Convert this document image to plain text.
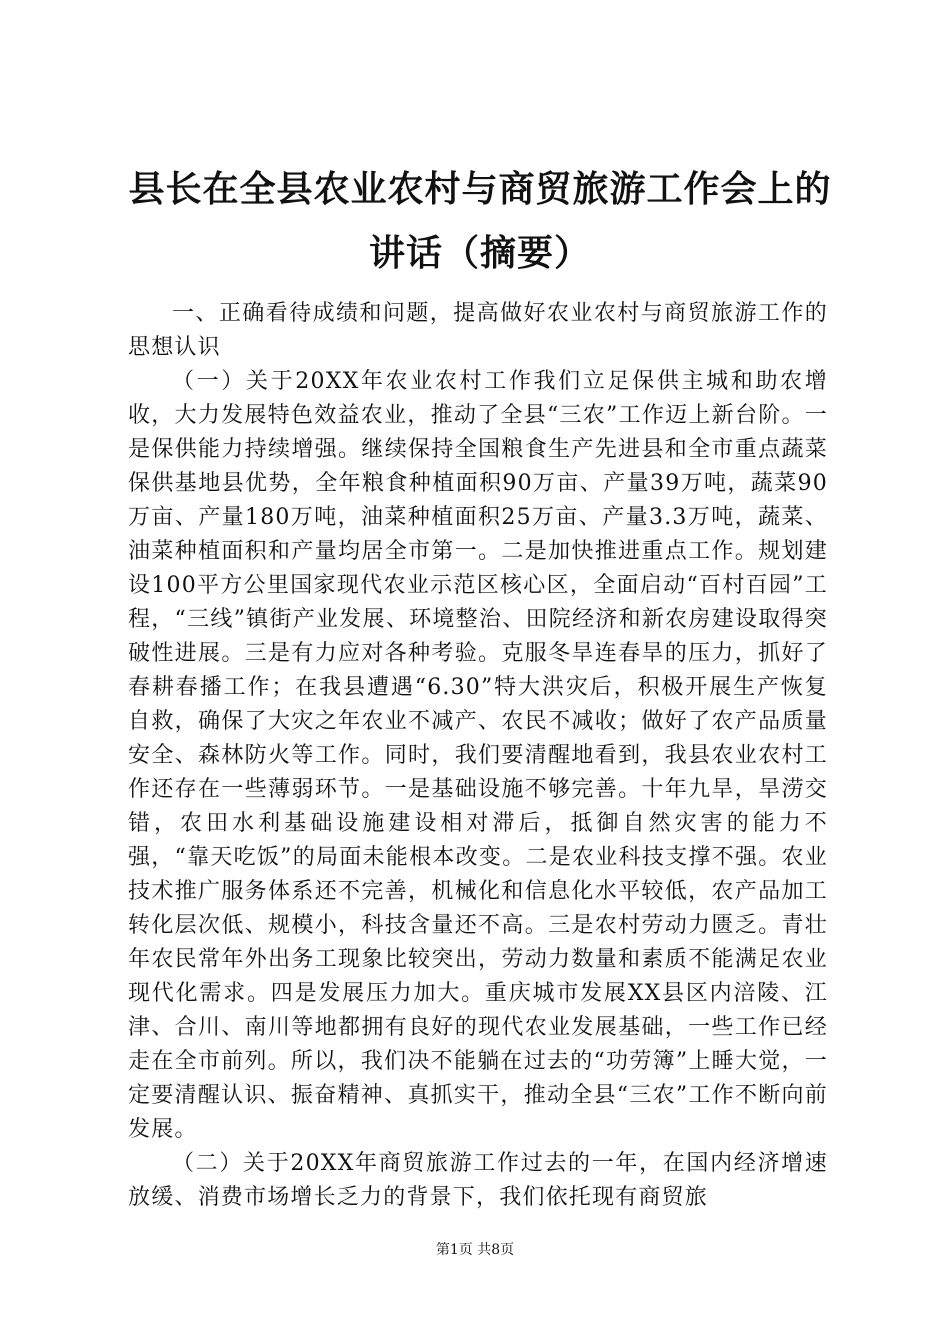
县长在全县农业农村与商贸旅游工作会上的讲话（摘要）

一、正确看待成绩和问题，提高做好农业农村与商贸旅游工作的思想认识

（一）关于20XX年农业农村工作我们立足保供主城和助农增收，大力发展特色效益农业，推动了全县“三农”工作迈上新台阶。一是保供能力持续增强。继续保持全国粮食生产先进县和全市重点蔬菜保供基地县优势，全年粮食种植面积90万亩、产量39万吨，蔬菜90万亩、产量180万吨，油菜种植面积25万亩、产量3.3万吨，蔬菜、油菜种植面积和产量均居全市第一。二是加快推进重点工作。规划建设100平方公里国家现代农业示范区核心区，全面启动“百村百园”工程，“三线”镇街产业发展、环境整治、田院经济和新农房建设取得突破性进展。三是有力应对各种考验。克服冬旱连春旱的压力，抓好了春耕春播工作；在我县遭遇“6.30”特大洪灾后，积极开展生产恢复自救，确保了大灾之年农业不减产、农民不减收；做好了农产品质量安全、森林防火等工作。同时，我们要清醒地看到，我县农业农村工作还存在一些薄弱环节。一是基础设施不够完善。十年九旱，旱涝交错，农田水利基础设施建设相对滞后，抵御自然灾害的能力不强，“靠天吃饭”的局面未能根本改变。二是农业科技支撑不强。农业技术推广服务体系还不完善，机械化和信息化水平较低，农产品加工转化层次低、规模小，科技含量还不高。三是农村劳动力匮乏。青壮年农民常年外出务工现象比较突出，劳动力数量和素质不能满足农业现代化需求。四是发展压力加大。重庆城市发展XX县区内涪陵、江津、合川、南川等地都拥有良好的现代农业发展基础，一些工作已经走在全市前列。所以，我们决不能躺在过去的“功劳簿”上睡大觉，一定要清醒认识、振奋精神、真抓实干，推动全县“三农”工作不断向前发展。

（二）关于20XX年商贸旅游工作过去的一年，在国内经济增速放缓、消费市场增长乏力的背景下，我们依托现有商贸旅

第1页 共8页
